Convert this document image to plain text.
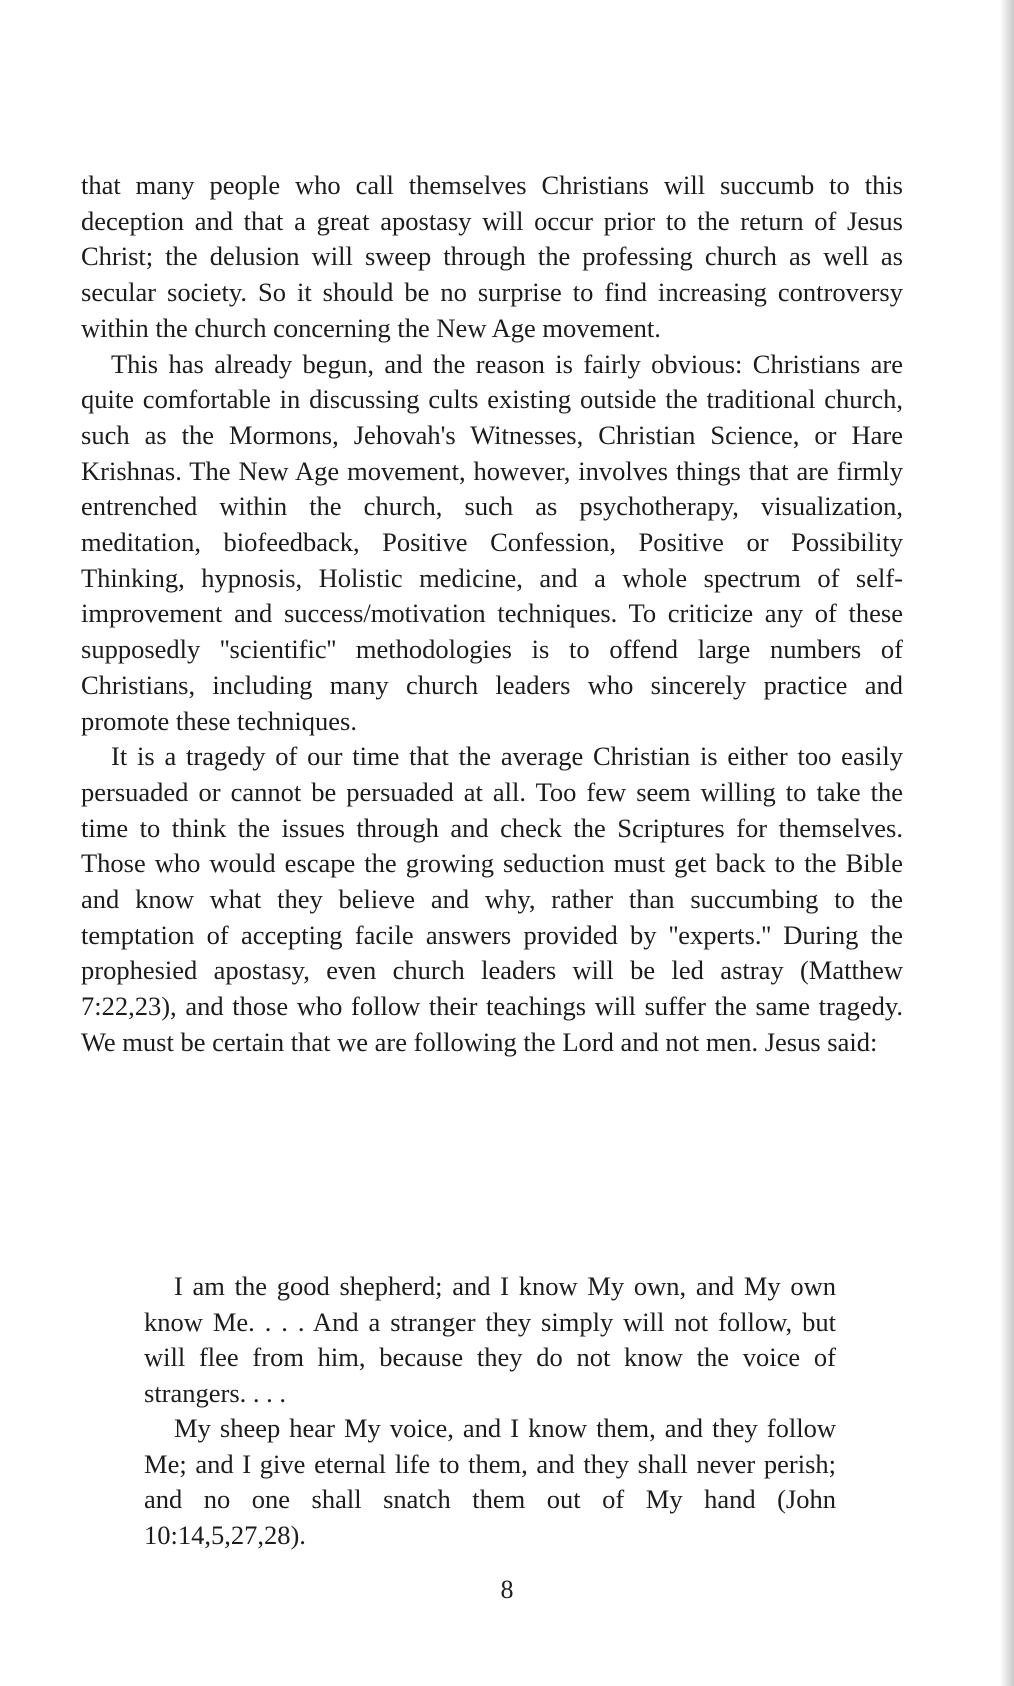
that many people who call themselves Christians will succumb to this deception and that a great apostasy will occur prior to the return of Jesus Christ; the delusion will sweep through the professing church as well as secular society. So it should be no surprise to find increasing controversy within the church concerning the New Age movement.

This has already begun, and the reason is fairly obvious: Christians are quite comfortable in discussing cults existing outside the traditional church, such as the Mormons, Jehovah's Witnesses, Christian Science, or Hare Krishnas. The New Age movement, however, involves things that are firmly entrenched within the church, such as psychotherapy, visualization, meditation, biofeedback, Positive Confession, Positive or Possibility Thinking, hypnosis, Holistic medicine, and a whole spectrum of self-improvement and success/motivation techniques. To criticize any of these supposedly ''scientific'' methodologies is to offend large numbers of Christians, including many church leaders who sincerely practice and promote these techniques.

It is a tragedy of our time that the average Christian is either too easily persuaded or cannot be persuaded at all. Too few seem willing to take the time to think the issues through and check the Scriptures for themselves. Those who would escape the growing seduction must get back to the Bible and know what they believe and why, rather than succumbing to the temptation of accepting facile answers provided by ''experts.'' During the prophesied apostasy, even church leaders will be led astray (Matthew 7:22,23), and those who follow their teachings will suffer the same tragedy. We must be certain that we are following the Lord and not men. Jesus said:

I am the good shepherd; and I know My own, and My own know Me. . . . And a stranger they simply will not follow, but will flee from him, because they do not know the voice of strangers. . . .

My sheep hear My voice, and I know them, and they follow Me; and I give eternal life to them, and they shall never perish; and no one shall snatch them out of My hand (John 10:14,5,27,28).

8
